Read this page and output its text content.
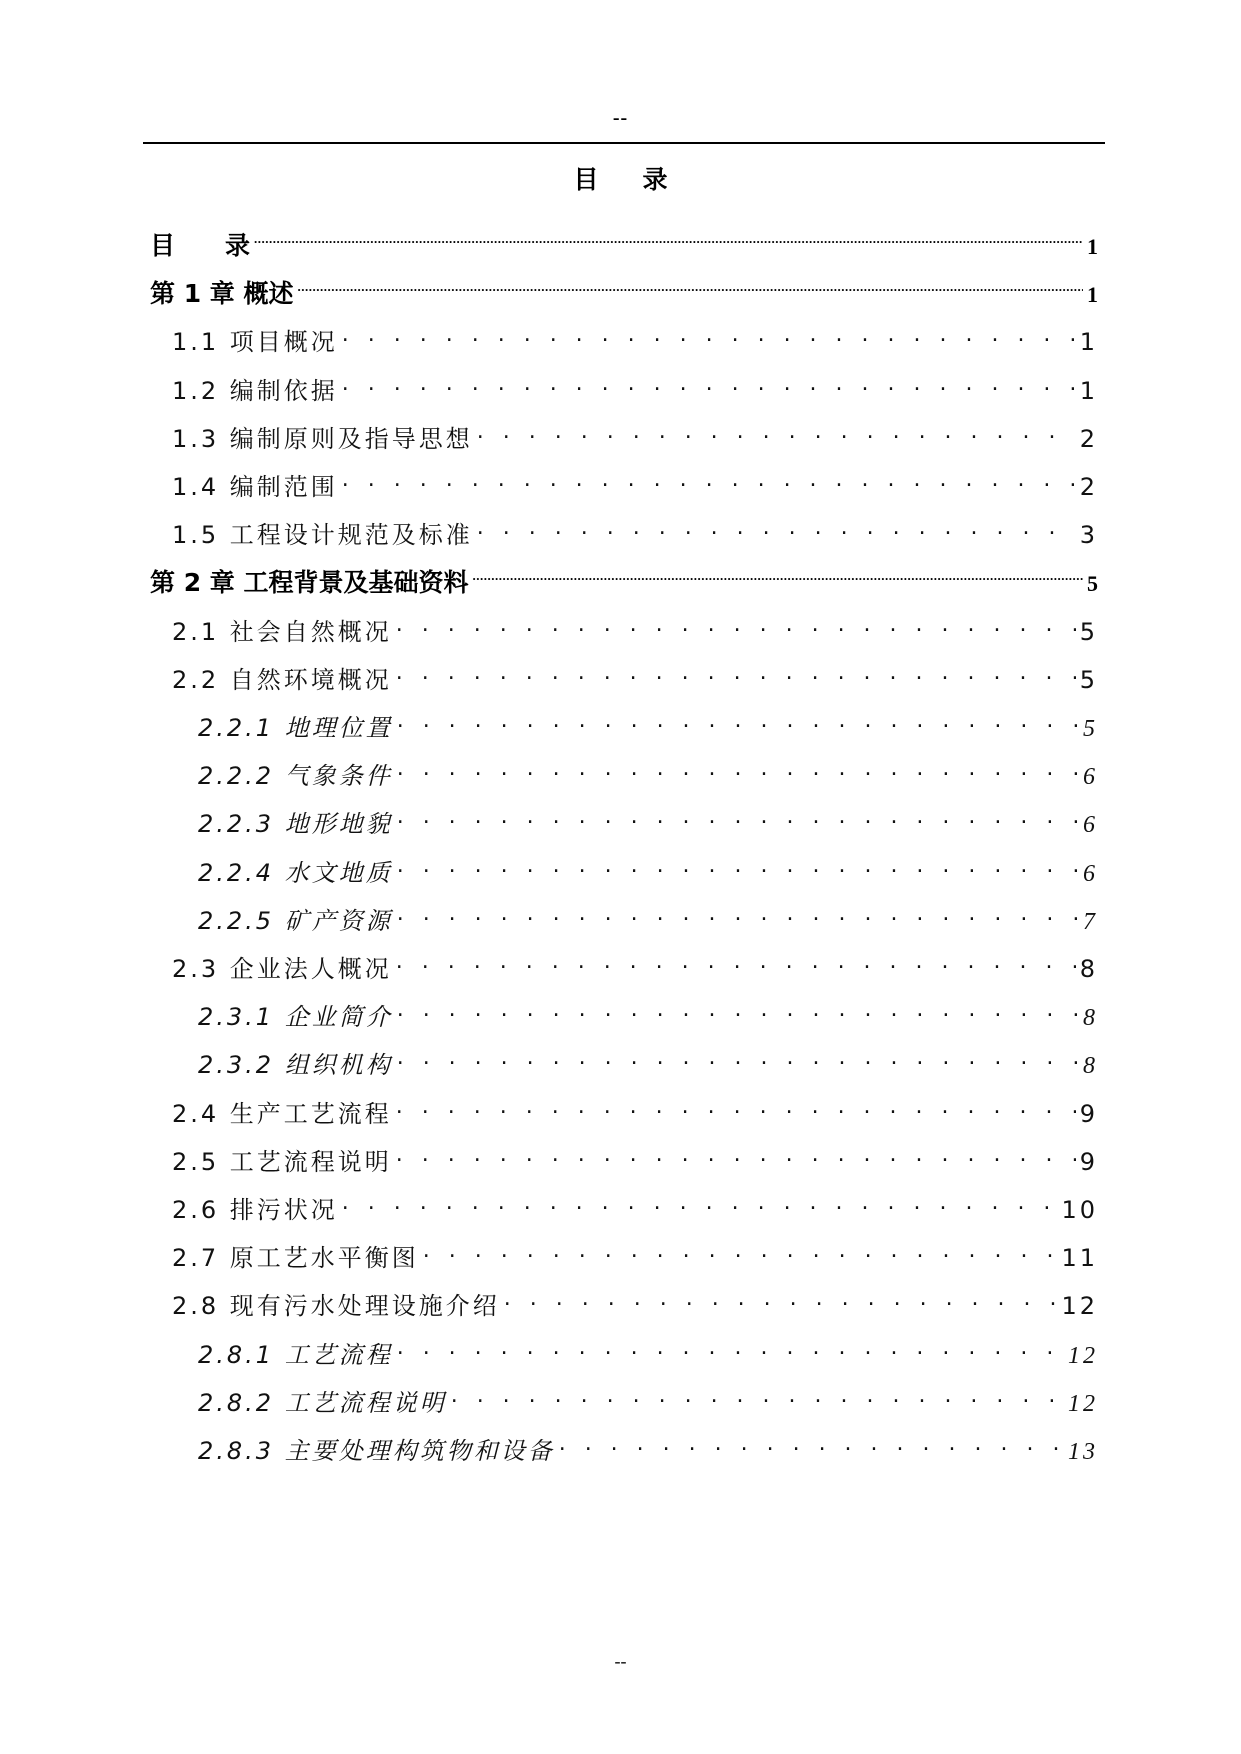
--
目录
目　　录 .....	1
第 1 章 概述 .....	1
1.1 项目概况 . . .	1
1.2 编制依据 . . .	1
1.3 编制原则及指导思想 . . .	2
1.4 编制范围 . . .	2
1.5 工程设计规范及标准 . . .	3
第 2 章 工程背景及基础资料 .....	5
2.1 社会自然概况 . . .	5
2.2 自然环境概况 . . .	5
2.2.1 地理位置 . . .	5
2.2.2 气象条件 . . .	6
2.2.3 地形地貌 . . .	6
2.2.4 水文地质 . . .	6
2.2.5 矿产资源 . . .	7
2.3 企业法人概况 . . .	8
2.3.1 企业简介 . . .	8
2.3.2 组织机构 . . .	8
2.4 生产工艺流程 . . .	9
2.5 工艺流程说明 . . .	9
2.6 排污状况 . . .	10
2.7 原工艺水平衡图 . . .	11
2.8 现有污水处理设施介绍 . . .	12
2.8.1 工艺流程 . . .	12
2.8.2 工艺流程说明 . . .	12
2.8.3 主要处理构筑物和设备 . . .	13
--
